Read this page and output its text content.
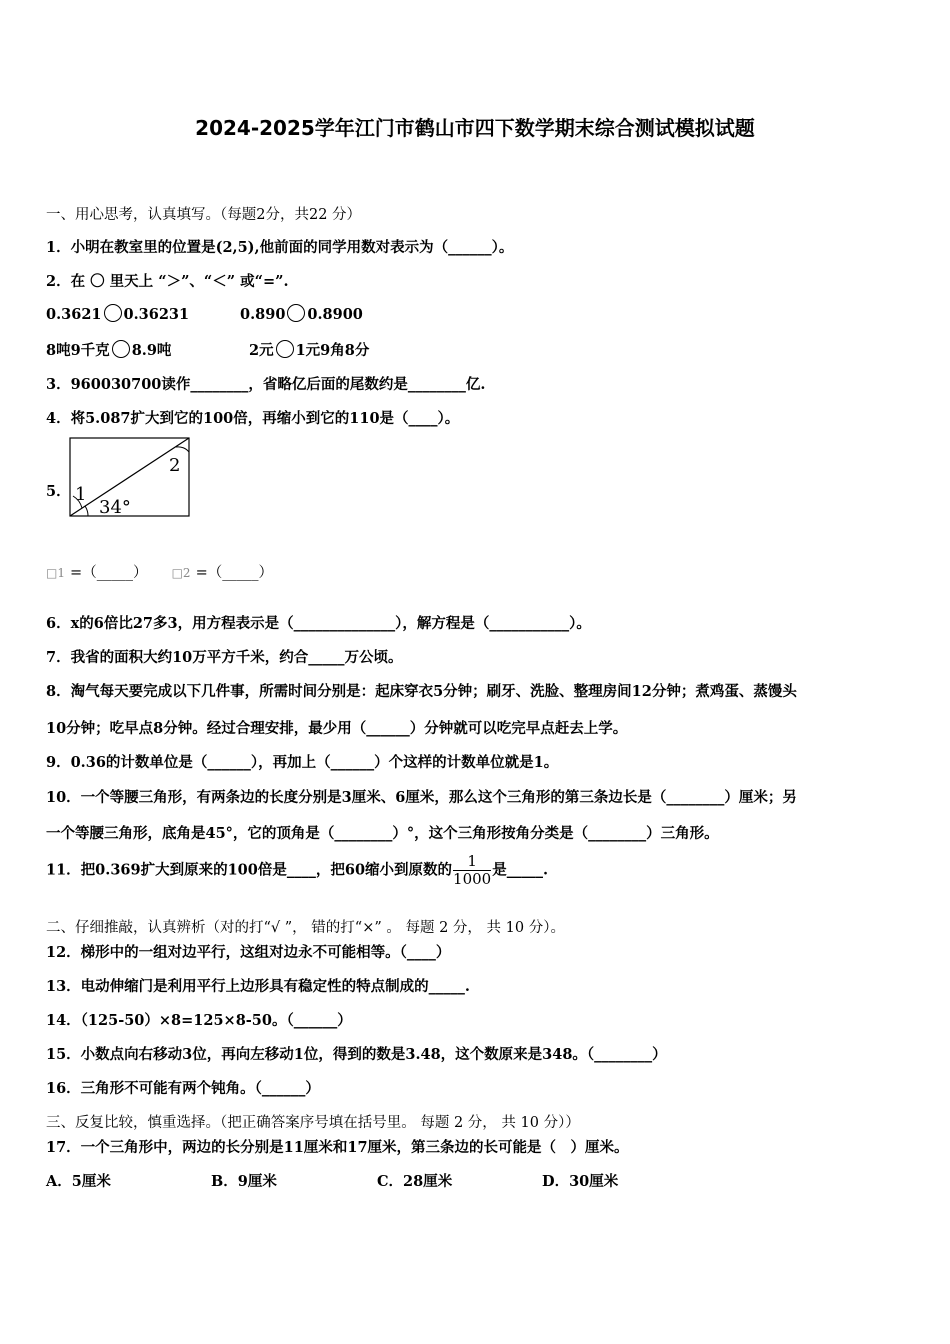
2024-2025学年江门市鹤山市四下数学期末综合测试模拟试题
一、用心思考，认真填写。（每题2分，共22 分）
1．小明在教室里的位置是(2,5),他前面的同学用数对表示为（______）。
2．在 〇 里天上 “＞”、“＜” 或“=”.
0.3621 0.36231	0.890 0.8900
8吨9千克 8.9吨	2元 1元9角8分
3．960030700读作________，省略亿后面的尾数约是________亿.
4．将5.087扩大到它的100倍，再缩小到它的110是（____）。
5． 1
34°
2
□1 =（_____） □2 =（_____）
6．x的6倍比27多3，用方程表示是（______________），解方程是（___________）。
7．我省的面积大约10万平方千米，约合_____万公顷。
8．淘气每天要完成以下几件事，所需时间分别是：起床穿衣5分钟；刷牙、洗脸、整理房间12分钟；煮鸡蛋、蒸馒头
10分钟；吃早点8分钟。经过合理安排，最少用（______）分钟就可以吃完早点赶去上学。
9．0.36的计数单位是（______），再加上（______）个这样的计数单位就是1。
10．一个等腰三角形，有两条边的长度分别是3厘米、6厘米，那么这个三角形的第三条边长是（________）厘米；另
一个等腰三角形，底角是45°，它的顶角是（________）°，这个三角形按角分类是（________）三角形。
11．把0.369扩大到原来的100倍是____，把60缩小到原数的 $\frac{1}{1000}$ 是_____.
二、仔细推敲，认真辨析（对的打“√ ”， 错的打“×” 。 每题 2 分， 共 10 分）。
12．梯形中的一组对边平行，这组对边永不可能相等。（____）
13．电动伸缩门是利用平行上边形具有稳定性的特点制成的_____.
14．（125-50）×8=125×8-50。（______）
15．小数点向右移动3位，再向左移动1位，得到的数是3.48，这个数原来是348。（________）
16．三角形不可能有两个钝角。（______）
三、反复比较，慎重选择。（把正确答案序号填在括号里。 每题 2 分， 共 10 分））
17．一个三角形中，两边的长分别是11厘米和17厘米，第三条边的长可能是（　）厘米。
A．5厘米	B．9厘米	C．28厘米	D．30厘米
